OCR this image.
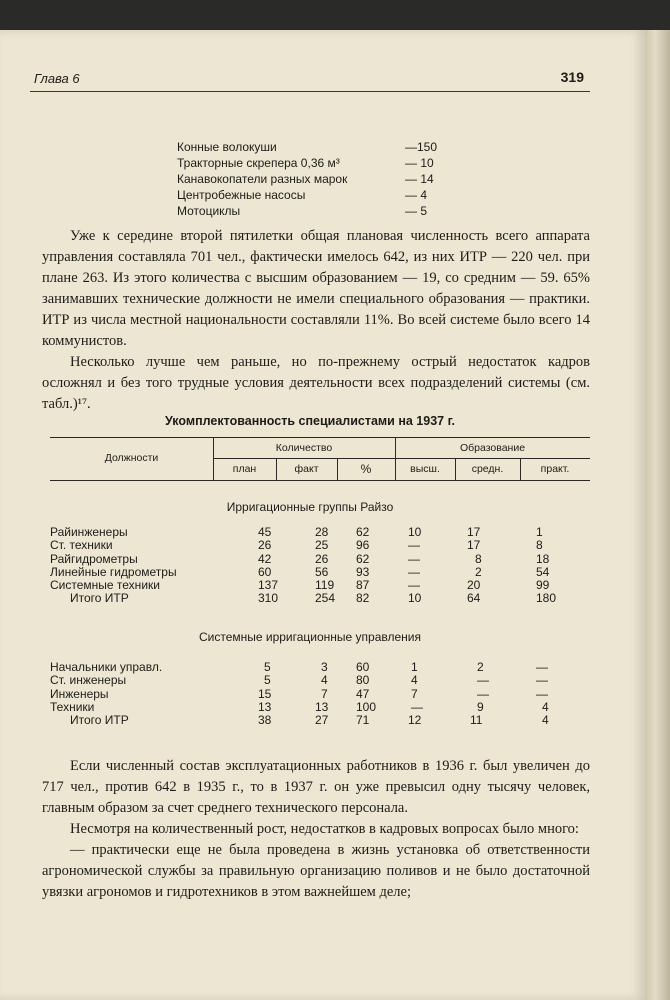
Глава 6	319
Конные волокуши	—150
Тракторные скрепера 0,36 м³	— 10
Канавокопатели разных марок	— 14
Центробежные насосы	— 4
Мотоциклы	— 5

Уже к середине второй пятилетки общая плановая численность всего аппарата управления составляла 701 чел., фактически имелось 642, из них ИТР — 220 чел. при плане 263. Из этого количества с высшим образованием — 19, со средним — 59. 65% занимавших технические должности не имели специального образования — практики. ИТР из числа местной национальности составляли 11%. Во всей системе было всего 14 коммунистов.

Несколько лучше чем раньше, но по-прежнему острый недостаток кадров осложнял и без того трудные условия деятельности всех подразделений системы (см. табл.)¹⁷.

Укомплектованность специалистами на 1937 г.
Должности
Количество	Образование
план	факт	%	высш.	средн.	практ.
Ирригационные группы Райзо
Райинженеры	45	28 62	10	17	1
Ст. техники	26	25 96	—	17	8
Райгидрометры	42	26 62	—	8	18
Линейные гидрометры	60	56 93	—	2	54
Системные техники	137	119 87	—	20	99
Итого ИТР	310	254 82	10	64	180
Системные ирригационные управления
Начальники управл.	5	3 60	1	2	—
Ст. инженеры	5	4 80	4	—	—
Инженеры	15	7 47	7	—	—
Техники	13	13 100	—	9	4
Итого ИТР	38	27 71	12	11	4

Если численный состав эксплуатационных работников в 1936 г. был увеличен до 717 чел., против 642 в 1935 г., то в 1937 г. он уже превысил одну тысячу человек, главным образом за счет среднего технического персонала.

Несмотря на количественный рост, недостатков в кадровых вопросах было много:

— практически еще не была проведена в жизнь установка об ответственности агрономической службы за правильную организацию поливов и не было достаточной увязки агрономов и гидротехников в этом важнейшем деле;
